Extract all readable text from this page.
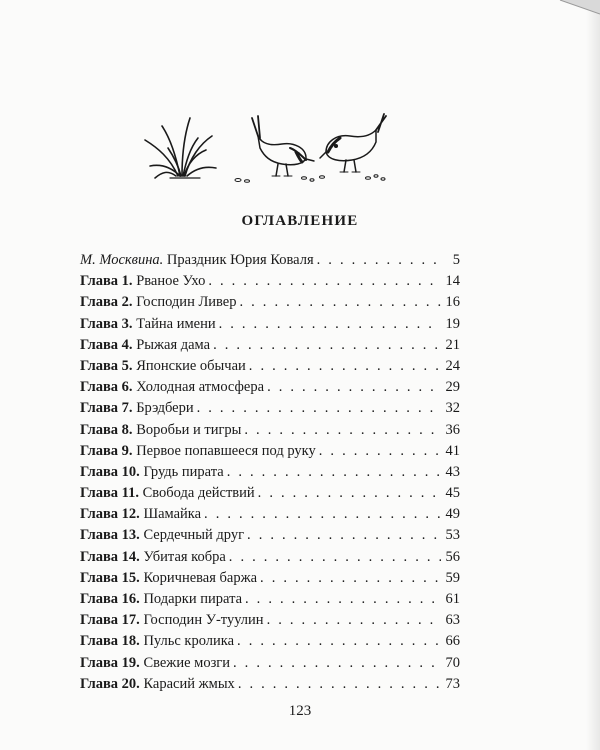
ОГЛАВЛЕНИЕ
М. Москвина. Праздник Юрия Коваля . . .	5
Глава 1. Рваное Ухо . . .	14
Глава 2. Господин Ливер . . .	16
Глава 3. Тайна имени . . .	19
Глава 4. Рыжая дама . . .	21
Глава 5. Японские обычаи . . .	24
Глава 6. Холодная атмосфера . . .	29
Глава 7. Брэдбери . . .	32
Глава 8. Воробьи и тигры . . .	36
Глава 9. Первое попавшееся под руку . . .	41
Глава 10. Грудь пирата . . .	43
Глава 11. Свобода действий . . .	45
Глава 12. Шамайка . . .	49
Глава 13. Сердечный друг . . .	53
Глава 14. Убитая кобра . . .	56
Глава 15. Коричневая баржа . . .	59
Глава 16. Подарки пирата . . .	61
Глава 17. Господин У-туулин . . .	63
Глава 18. Пульс кролика . . .	66
Глава 19. Свежие мозги . . .	70
Глава 20. Карасий жмых . . .	73
123
